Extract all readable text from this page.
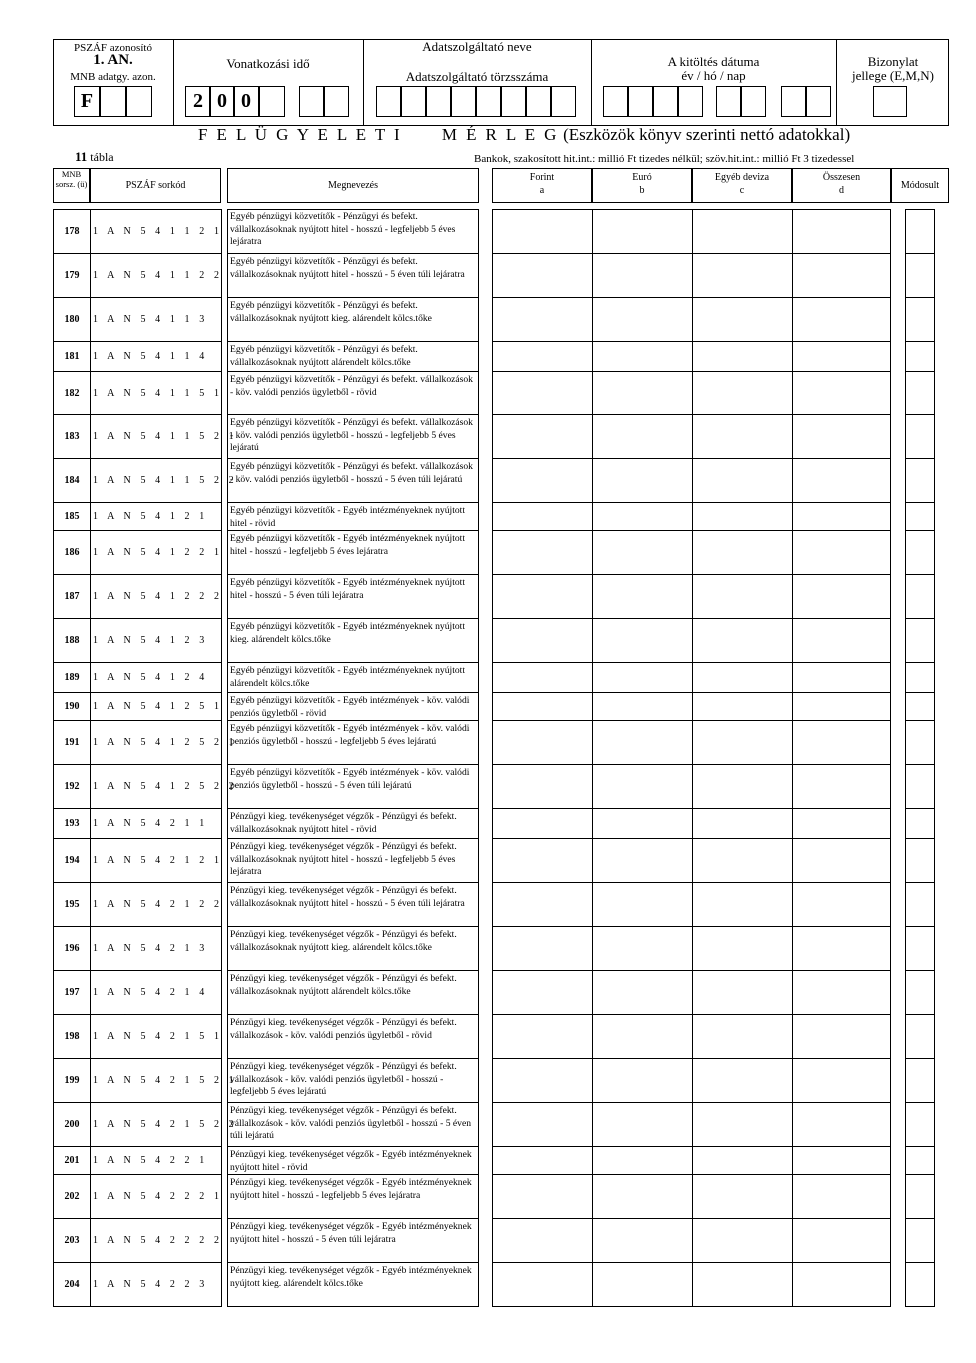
PSZÁF azonosító
1. AN.
MNB adatgy. azon.
F
Vonatkozási idő
2 0 0
Adatszolgáltató neve
Adatszolgáltató törzsszáma
A kitöltés dátuma
év / hó / nap
Bizonylat
jellege (E,M,N)
F E L Ü G Y E L E T I      M É R L E G (Eszközök könyv szerinti nettó adatokkal)
11 tábla	Bankok, szakosított hit.int.: millió Ft tizedes nélkül; szöv.hit.int.: millió Ft 3 tizedessel
MNB sorsz. (ü)	PSZÁF sorkód	Megnevezés	Módosult
Forint
a
Euró
b
Egyéb deviza
c
Összesen
d
178	1 A N 5 4 1 1 2 1
Egyéb pénzügyi közvetítők - Pénzügyi és befekt. vállalkozásoknak nyújtott hitel - hosszú - legfeljebb 5 éves lejáratra
179	1 A N 5 4 1 1 2 2
Egyéb pénzügyi közvetítők - Pénzügyi és befekt. vállalkozásoknak nyújtott hitel - hosszú - 5 éven túli lejáratra
180	1 A N 5 4 1 1 3
Egyéb pénzügyi közvetítők - Pénzügyi és befekt. vállalkozásoknak nyújtott kieg. alárendelt kölcs.tőke
181	1 A N 5 4 1 1 4
Egyéb pénzügyi közvetítők - Pénzügyi és befekt. vállalkozásoknak nyújtott alárendelt kölcs.tőke
182	1 A N 5 4 1 1 5 1
Egyéb pénzügyi közvetítők - Pénzügyi és befekt. vállalkozások - köv. valódi penziós ügyletből - rövid
183	1 A N 5 4 1 1 5 2 1
Egyéb pénzügyi közvetítők - Pénzügyi és befekt. vállalkozások - köv. valódi penziós ügyletből - hosszú - legfeljebb 5 éves lejáratú
184	1 A N 5 4 1 1 5 2 2
Egyéb pénzügyi közvetítők - Pénzügyi és befekt. vállalkozások - köv. valódi penziós ügyletből - hosszú - 5 éven túli lejáratú
185	1 A N 5 4 1 2 1
Egyéb pénzügyi közvetítők - Egyéb intézményeknek nyújtott hitel - rövid
186	1 A N 5 4 1 2 2 1
Egyéb pénzügyi közvetítők - Egyéb intézményeknek nyújtott hitel - hosszú - legfeljebb 5 éves lejáratra
187	1 A N 5 4 1 2 2 2
Egyéb pénzügyi közvetítők - Egyéb intézményeknek nyújtott hitel - hosszú - 5 éven túli lejáratra
188	1 A N 5 4 1 2 3
Egyéb pénzügyi közvetítők - Egyéb intézményeknek nyújtott kieg. alárendelt kölcs.tőke
189	1 A N 5 4 1 2 4
Egyéb pénzügyi közvetítők - Egyéb intézményeknek nyújtott alárendelt kölcs.tőke
190	1 A N 5 4 1 2 5 1
Egyéb pénzügyi közvetítők - Egyéb intézmények - köv. valódi penziós ügyletből - rövid
191	1 A N 5 4 1 2 5 2 1
Egyéb pénzügyi közvetítők - Egyéb intézmények - köv. valódi penziós ügyletből - hosszú - legfeljebb 5 éves lejáratú
192	1 A N 5 4 1 2 5 2 2
Egyéb pénzügyi közvetítők - Egyéb intézmények - köv. valódi penziós ügyletből - hosszú - 5 éven túli lejáratú
193	1 A N 5 4 2 1 1
Pénzügyi kieg. tevékenységet végzők - Pénzügyi és befekt. vállalkozásoknak nyújtott hitel - rövid
194	1 A N 5 4 2 1 2 1
Pénzügyi kieg. tevékenységet végzők - Pénzügyi és befekt. vállalkozásoknak nyújtott hitel - hosszú - legfeljebb 5 éves lejáratra
195	1 A N 5 4 2 1 2 2
Pénzügyi kieg. tevékenységet végzők - Pénzügyi és befekt. vállalkozásoknak nyújtott hitel - hosszú - 5 éven túli lejáratra
196	1 A N 5 4 2 1 3
Pénzügyi kieg. tevékenységet végzők - Pénzügyi és befekt. vállalkozásoknak nyújtott kieg. alárendelt kölcs.tőke
197	1 A N 5 4 2 1 4
Pénzügyi kieg. tevékenységet végzők - Pénzügyi és befekt. vállalkozásoknak nyújtott alárendelt kölcs.tőke
198	1 A N 5 4 2 1 5 1
Pénzügyi kieg. tevékenységet végzők - Pénzügyi és befekt. vállalkozások - köv. valódi penziós ügyletből - rövid
199	1 A N 5 4 2 1 5 2 1
Pénzügyi kieg. tevékenységet végzők - Pénzügyi és befekt. vállalkozások - köv. valódi penziós ügyletből - hosszú - legfeljebb 5 éves lejáratú
200	1 A N 5 4 2 1 5 2 2
Pénzügyi kieg. tevékenységet végzők - Pénzügyi és befekt. vállalkozások - köv. valódi penziós ügyletből - hosszú - 5 éven túli lejáratú
201	1 A N 5 4 2 2 1
Pénzügyi kieg. tevékenységet végzők - Egyéb intézményeknek nyújtott hitel - rövid
202	1 A N 5 4 2 2 2 1
Pénzügyi kieg. tevékenységet végzők - Egyéb intézményeknek nyújtott hitel - hosszú - legfeljebb 5 éves lejáratra
203	1 A N 5 4 2 2 2 2
Pénzügyi kieg. tevékenységet végzők - Egyéb intézményeknek nyújtott hitel - hosszú - 5 éven túli lejáratra
204	1 A N 5 4 2 2 3
Pénzügyi kieg. tevékenységet végzők - Egyéb intézményeknek nyújtott kieg. alárendelt kölcs.tőke
